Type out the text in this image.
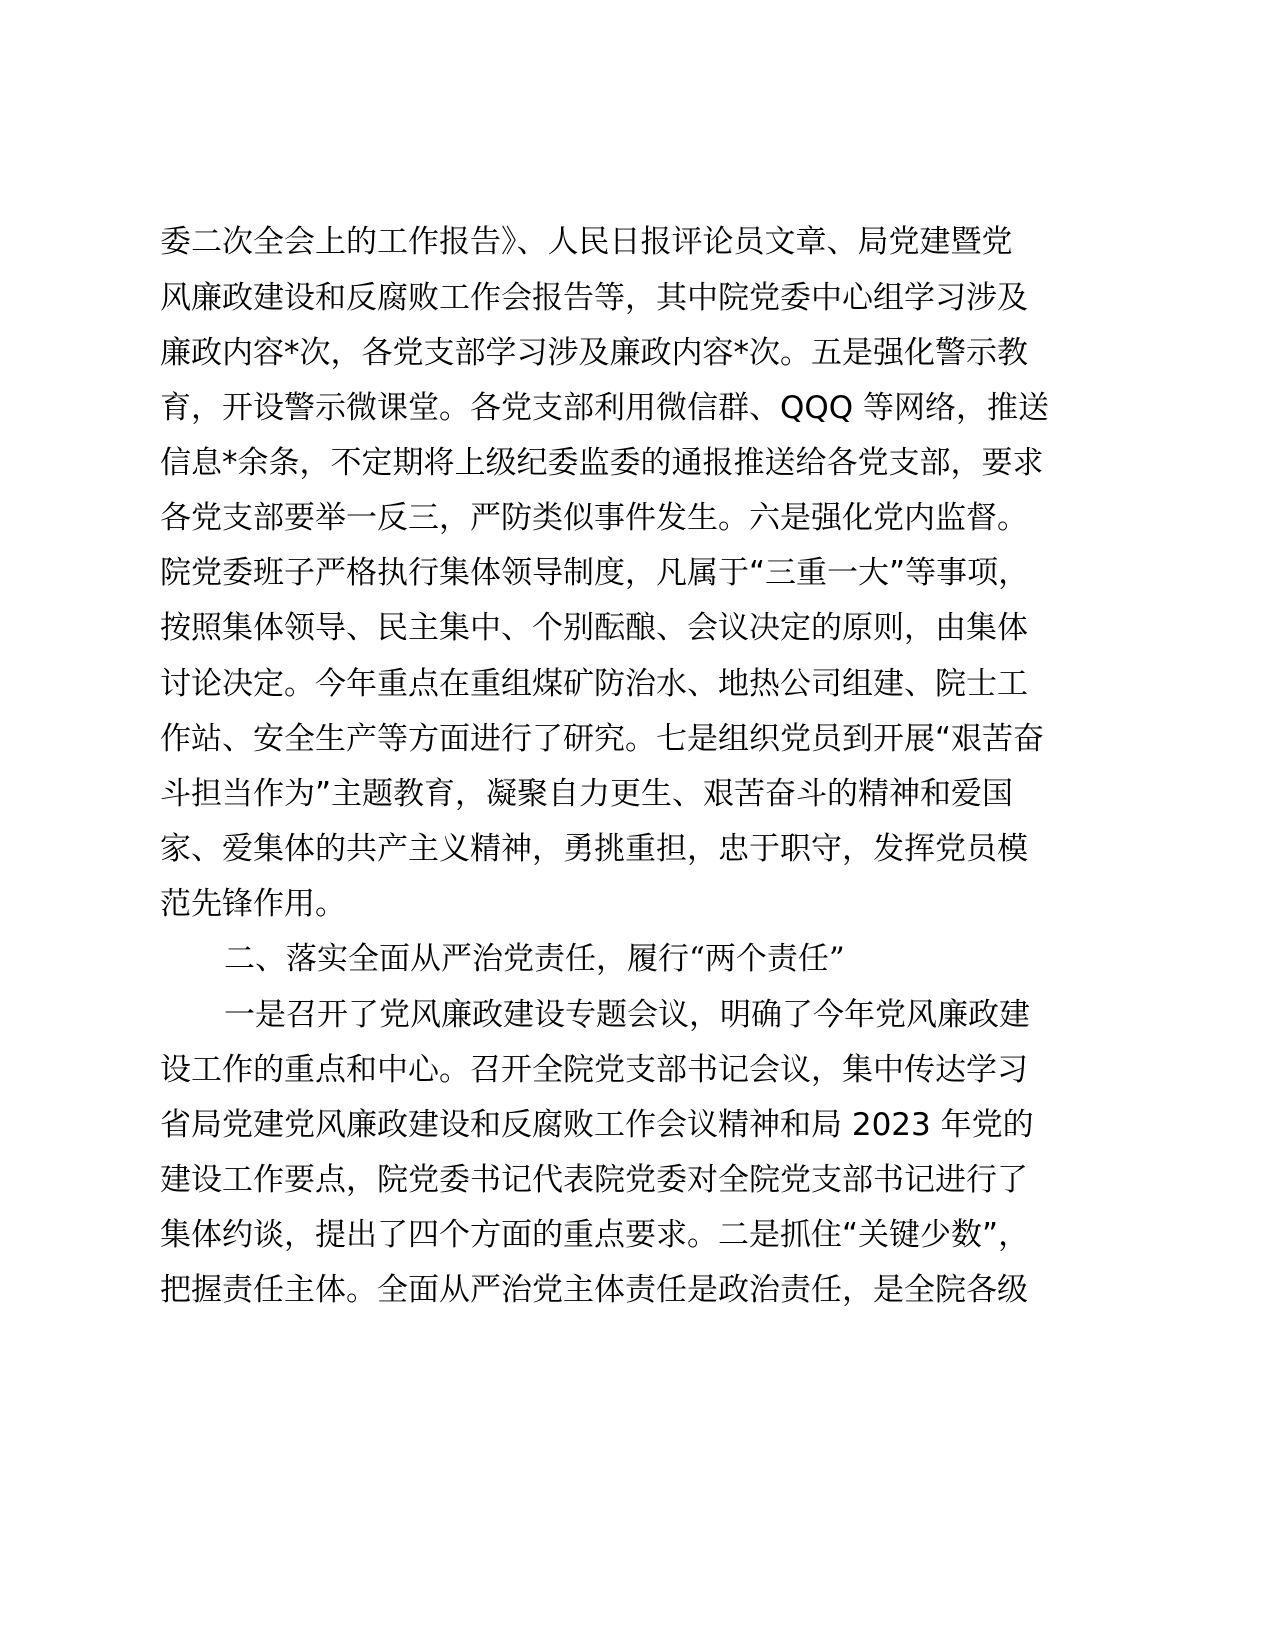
委二次全会上的工作报告》、人民日报评论员文章、局党建暨党
风廉政建设和反腐败工作会报告等，其中院党委中心组学习涉及
廉政内容*次，各党支部学习涉及廉政内容*次。五是强化警示教
育，开设警示微课堂。各党支部利用微信群、QQQ 等网络，推送
信息*余条，不定期将上级纪委监委的通报推送给各党支部，要求
各党支部要举一反三，严防类似事件发生。六是强化党内监督。
院党委班子严格执行集体领导制度，凡属于“三重一大”等事项，
按照集体领导、民主集中、个别酝酿、会议决定的原则，由集体
讨论决定。今年重点在重组煤矿防治水、地热公司组建、院士工
作站、安全生产等方面进行了研究。七是组织党员到开展“艰苦奋
斗担当作为”主题教育，凝聚自力更生、艰苦奋斗的精神和爱国
家、爱集体的共产主义精神，勇挑重担，忠于职守，发挥党员模
范先锋作用。
二、落实全面从严治党责任，履行“两个责任”
一是召开了党风廉政建设专题会议，明确了今年党风廉政建
设工作的重点和中心。召开全院党支部书记会议，集中传达学习
省局党建党风廉政建设和反腐败工作会议精神和局 2023 年党的
建设工作要点，院党委书记代表院党委对全院党支部书记进行了
集体约谈，提出了四个方面的重点要求。二是抓住“关键少数”，
把握责任主体。全面从严治党主体责任是政治责任，是全院各级
